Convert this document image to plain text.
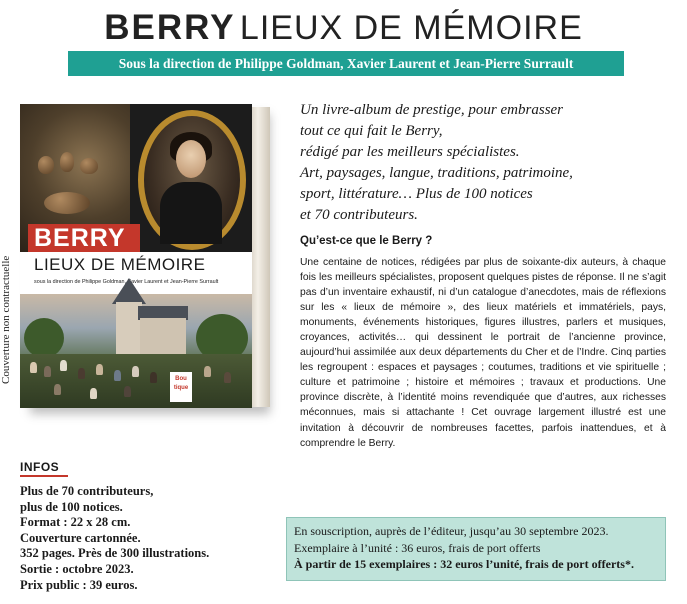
BERRY LIEUX DE MÉMOIRE
Sous la direction de Philippe Goldman, Xavier Laurent et Jean-Pierre Surrault
Couverture non contractuelle
BERRY
LIEUX DE MÉMOIRE
sous la direction de Philippe Goldman, Xavier Laurent et Jean-Pierre Surrault
Bou
tique
Un livre-album de prestige, pour embrasser
tout ce qui fait le Berry,
rédigé par les meilleurs spécialistes.
Art, paysages, langue, traditions, patrimoine,
sport, littérature… Plus de 100 notices
et 70 contributeurs.
Qu’est-ce que le Berry ?
Une centaine de notices, rédigées par plus de soixante-dix auteurs, à chaque fois les meilleurs spécialistes, proposent quelques pistes de réponse. Il ne s’agit pas d’un inventaire exhaustif, ni d’un catalogue d’anecdotes, mais de réflexions sur les « lieux de mémoire », des lieux matériels et immatériels, pays, monuments, événements historiques, figures illustres, parlers et musiques, croyances, activités… qui dessinent le portrait de l’ancienne province, aujourd’hui assimilée aux deux départements du Cher et de l’Indre. Cinq parties les regroupent : espaces et paysages ; coutumes, traditions et vie spirituelle ; culture et patrimoine ; histoire et mémoires ; travaux et productions. Une province discrète, à l’identité moins revendiquée que d’autres, aux richesses méconnues, mais si attachante ! Cet ouvrage largement illustré est une invitation à découvrir de nombreuses facettes, parfois inattendues, et à comprendre le Berry.
INFOS
Plus de 70 contributeurs,
plus de 100 notices.
Format : 22 x 28 cm.
Couverture cartonnée.
352 pages. Près de 300 illustrations.
Sortie : octobre 2023.
Prix public : 39 euros.
En souscription, auprès de l’éditeur, jusqu’au 30 septembre 2023.
Exemplaire à l’unité : 36 euros, frais de port offerts
À partir de 15 exemplaires : 32 euros l’unité, frais de port offerts*.
